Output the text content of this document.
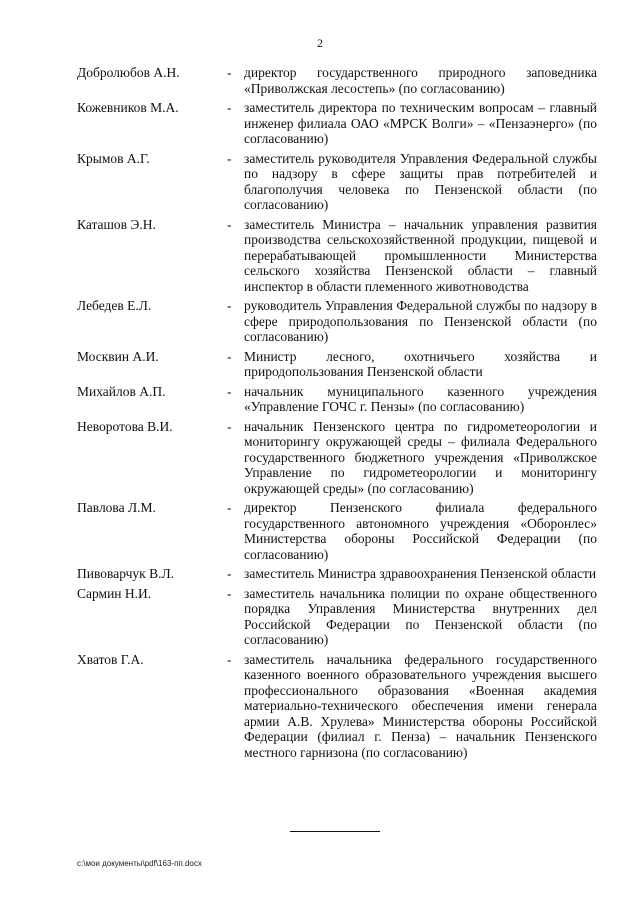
2
Добролюбов А.Н.	- директор государственного природного заповедника «Приволжская лесостепь» (по согласованию)
Кожевников М.А.	- заместитель директора по техническим вопросам – главный инженер филиала ОАО «МРСК Волги» – «Пензаэнерго» (по согласованию)
Крымов А.Г.	- заместитель руководителя Управления Федеральной службы по надзору в сфере защиты прав потребителей и благополучия человека по Пензенской области (по согласованию)
Каташов Э.Н.	- заместитель Министра – начальник управления развития производства сельскохозяйственной продукции, пищевой и перерабатывающей промышленности Министерства сельского хозяйства Пензенской области – главный инспектор в области племенного животноводства
Лебедев Е.Л.	- руководитель Управления Федеральной службы по надзору в сфере природопользования по Пензенской области (по согласованию)
Москвин А.И.	- Министр лесного, охотничьего хозяйства и природопользования Пензенской области
Михайлов А.П.	- начальник муниципального казенного учреждения «Управление ГОЧС г. Пензы» (по согласованию)
Неворотова В.И.	- начальник Пензенского центра по гидрометеорологии и мониторингу окружающей среды – филиала Федерального государственного бюджетного учреждения «Приволжское Управление по гидрометеорологии и мониторингу окружающей среды» (по согласованию)
Павлова Л.М.	- директор Пензенского филиала федерального государственного автономного учреждения «Оборонлес» Министерства обороны Российской Федерации (по согласованию)
Пивоварчук В.Л.	- заместитель Министра здравоохранения Пензенской области
Сармин Н.И.	- заместитель начальника полиции по охране общественного порядка Управления Министерства внутренних дел Российской Федерации по Пензенской области (по согласованию)
Хватов Г.А.	- заместитель начальника федерального государственного казенного военного образовательного учреждения высшего профессионального образования «Военная академия материально-технического обеспечения имени генерала армии А.В. Хрулева» Министерства обороны Российской Федерации (филиал г. Пенза) – начальник Пензенского местного гарнизона (по согласованию)
c:\мои документы\pdf\163-пп.docx
